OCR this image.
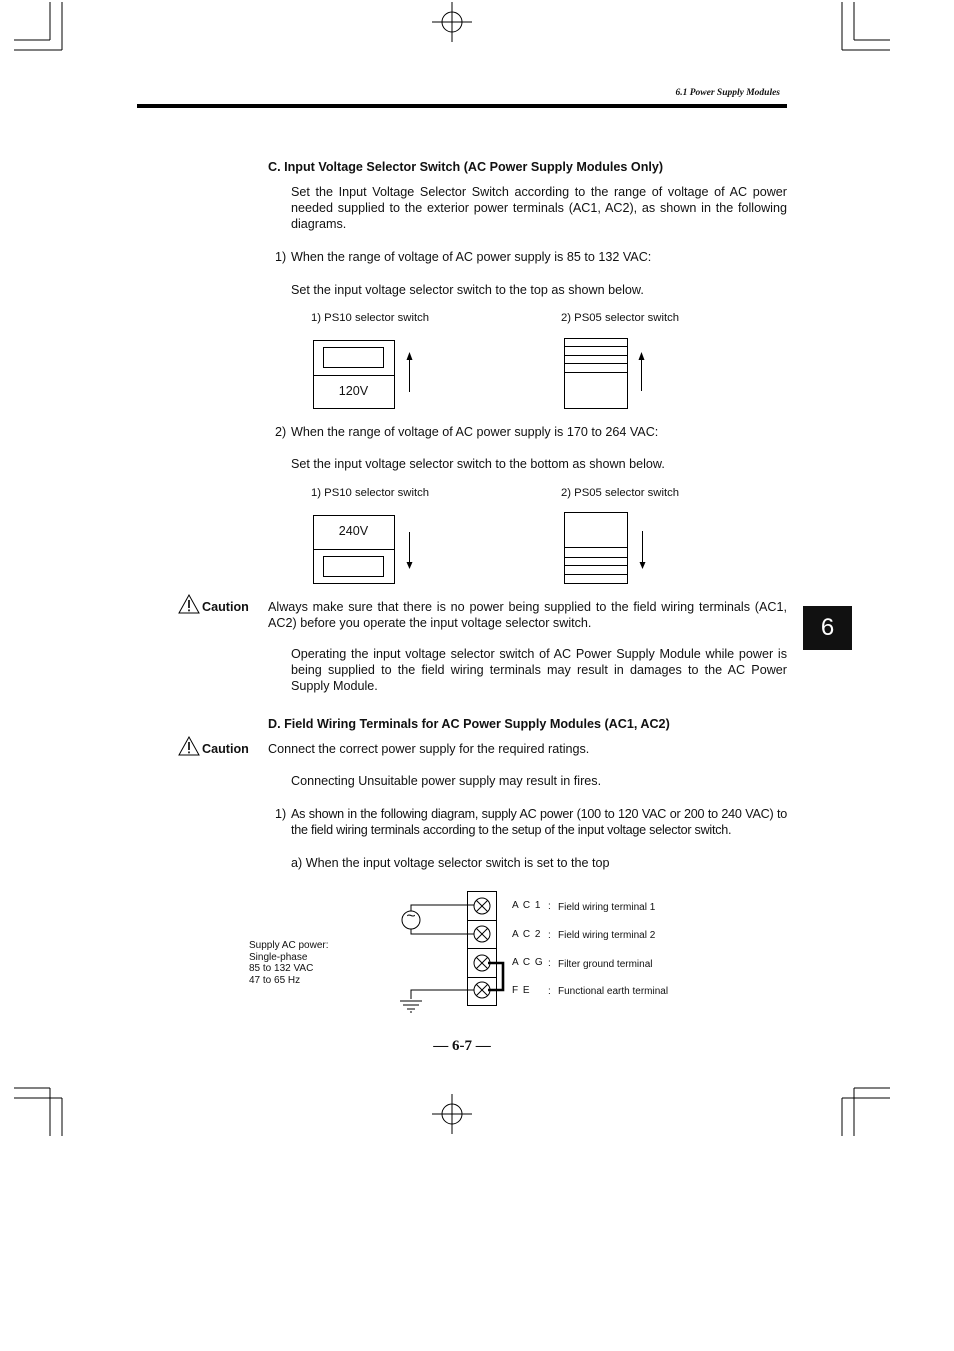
6.1 Power Supply Modules
6
C. Input Voltage Selector Switch (AC Power Supply Modules Only)
Set the Input Voltage Selector Switch according to the range of voltage of AC power needed supplied to the exterior power terminals (AC1, AC2), as shown in the following diagrams.
1) When the range of voltage of AC power supply is 85 to 132 VAC:
Set the input voltage selector switch to the top as shown below.
1) PS10 selector switch	2) PS05 selector switch
120V
2) When the range of voltage of AC power supply is 170 to 264 VAC:
Set the input voltage selector switch to the bottom as shown below.
1) PS10 selector switch	2) PS05 selector switch
240V
Caution Always make sure that there is no power being supplied to the field wiring terminals (AC1, AC2) before you operate the input voltage selector switch.
Operating the input voltage selector switch of AC Power Supply Module while power is being supplied to the field wiring terminals may result in damages to the AC Power Supply Module.
D. Field Wiring Terminals for AC Power Supply Modules (AC1, AC2)
Caution Connect the correct power supply for the required ratings.
Connecting Unsuitable power supply may result in fires.
1) As shown in the following diagram, supply AC power (100 to 120 VAC or 200 to 240 VAC) to the field wiring terminals according to the setup of the input voltage selector switch.
a) When the input voltage selector switch is set to the top
Supply AC power:
Single-phase
85 to 132 VAC
47 to 65 Hz
~
A C 1 : Field wiring terminal 1
A C 2 : Field wiring terminal 2
A C G : Filter ground terminal
F E : Functional earth terminal
— 6-7 —
